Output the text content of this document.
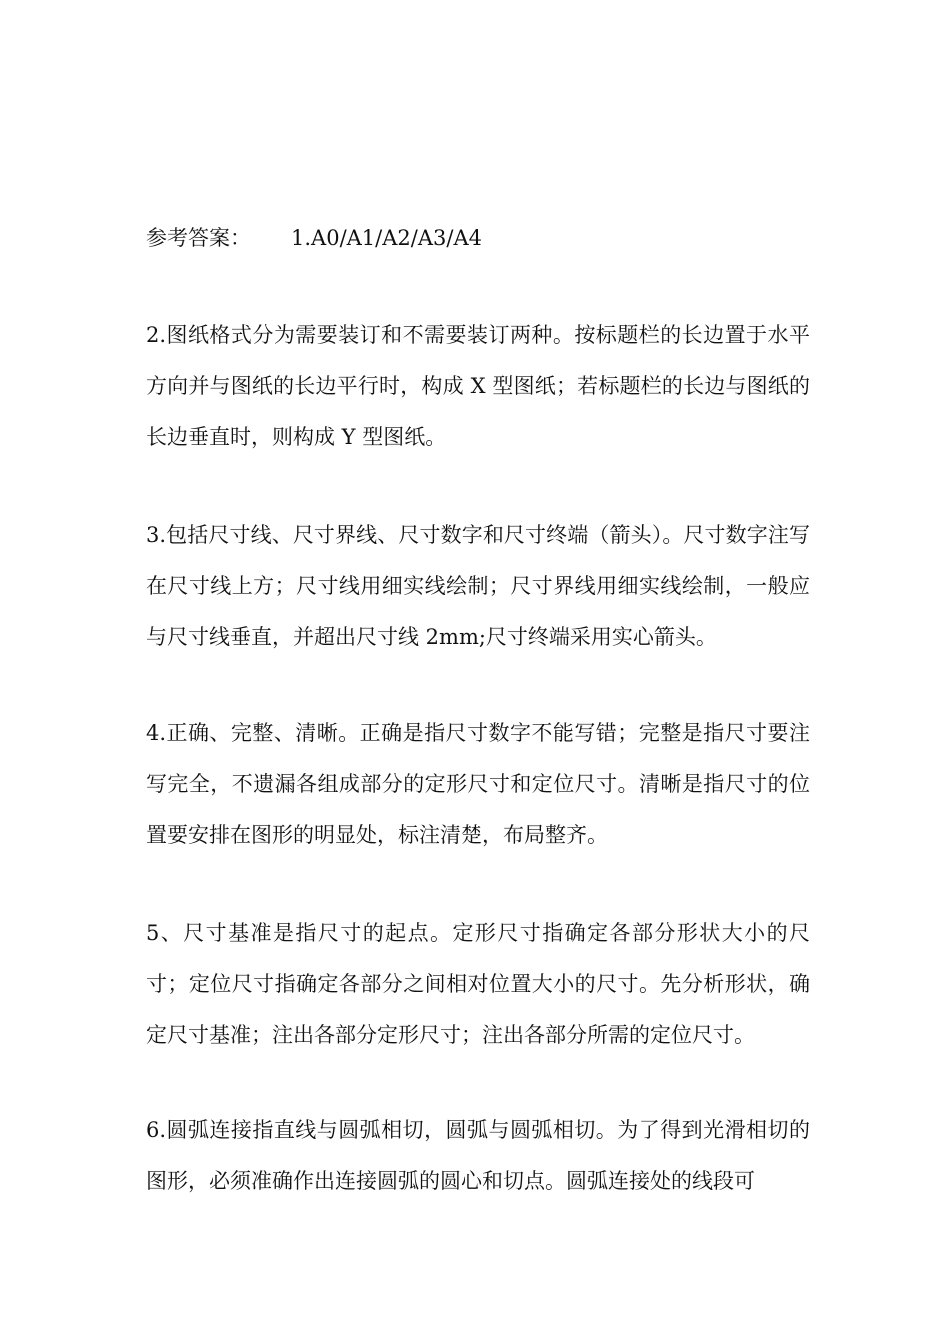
参考答案： 1.A0/A1/A2/A3/A4

2.图纸格式分为需要装订和不需要装订两种。按标题栏的长边置于水平方向并与图纸的长边平行时，构成 X 型图纸；若标题栏的长边与图纸的长边垂直时，则构成 Y 型图纸。

3.包括尺寸线、尺寸界线、尺寸数字和尺寸终端（箭头）。尺寸数字注写在尺寸线上方；尺寸线用细实线绘制；尺寸界线用细实线绘制，一般应与尺寸线垂直，并超出尺寸线 2mm;尺寸终端采用实心箭头。

4.正确、完整、清晰。正确是指尺寸数字不能写错；完整是指尺寸要注写完全，不遗漏各组成部分的定形尺寸和定位尺寸。清晰是指尺寸的位置要安排在图形的明显处，标注清楚，布局整齐。

5、尺寸基准是指尺寸的起点。定形尺寸指确定各部分形状大小的尺寸；定位尺寸指确定各部分之间相对位置大小的尺寸。先分析形状，确定尺寸基准；注出各部分定形尺寸；注出各部分所需的定位尺寸。

6.圆弧连接指直线与圆弧相切，圆弧与圆弧相切。为了得到光滑相切的图形，必须准确作出连接圆弧的圆心和切点。圆弧连接处的线段可
